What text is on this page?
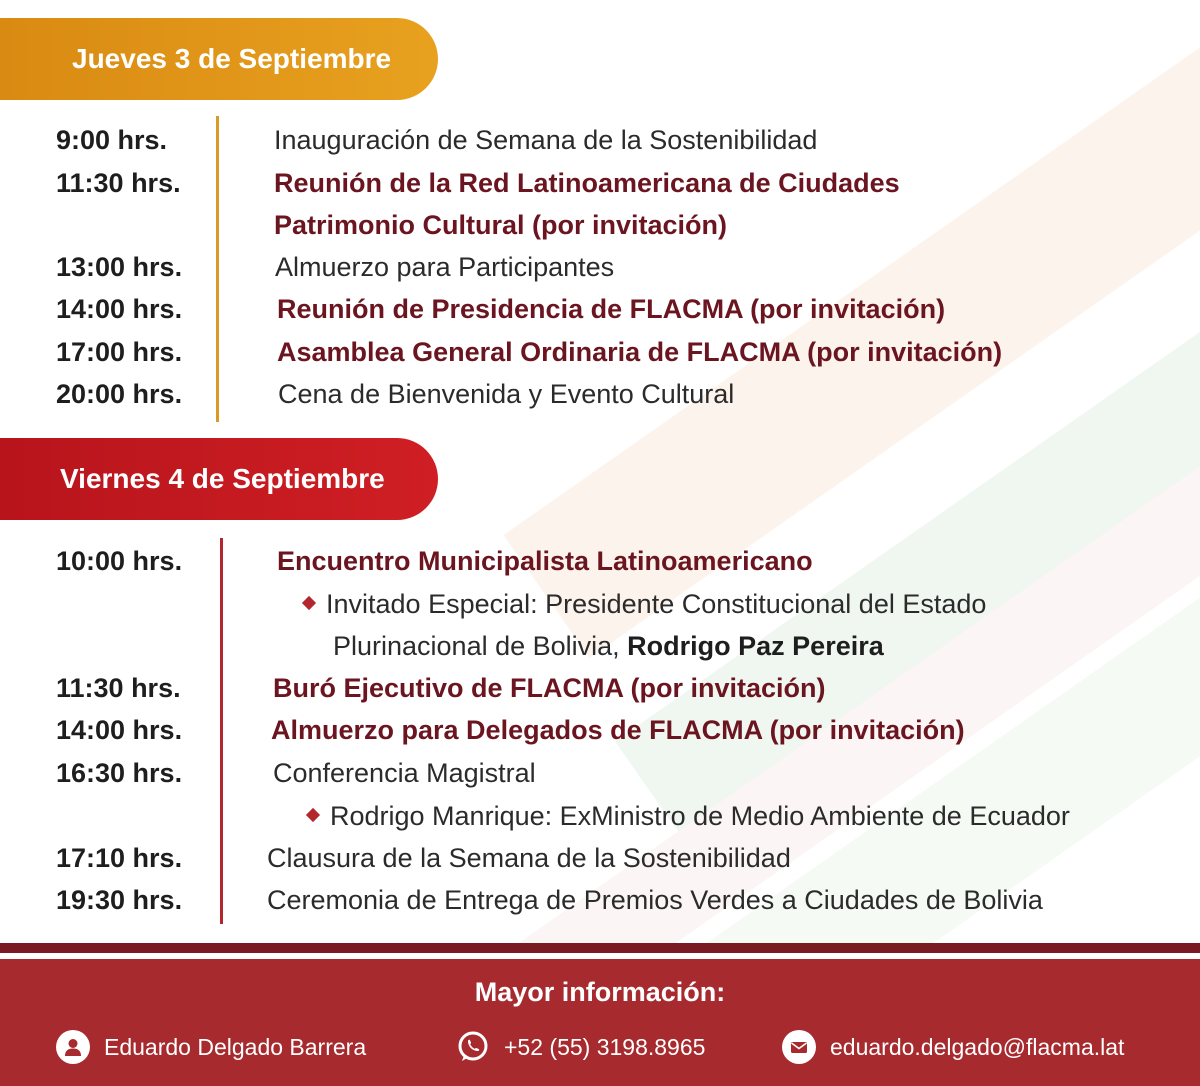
Jueves 3 de Septiembre
9:00 hrs.	Inauguración de Semana de la Sostenibilidad
11:30 hrs.	Reunión de la Red Latinoamericana de Ciudades
Patrimonio Cultural (por invitación)
13:00 hrs.	Almuerzo para Participantes
14:00 hrs.	Reunión de Presidencia de FLACMA (por invitación)
17:00 hrs.	Asamblea General Ordinaria de FLACMA (por invitación)
20:00 hrs.	Cena de Bienvenida y Evento Cultural
Viernes 4 de Septiembre
10:00 hrs.	Encuentro Municipalista Latinoamericano
Invitado Especial: Presidente Constitucional del Estado
Plurinacional de Bolivia, Rodrigo Paz Pereira
11:30 hrs.	Buró Ejecutivo de FLACMA (por invitación)
14:00 hrs.	Almuerzo para Delegados de FLACMA (por invitación)
16:30 hrs.	Conferencia Magistral
Rodrigo Manrique: ExMinistro de Medio Ambiente de Ecuador
17:10 hrs.	Clausura de la Semana de la Sostenibilidad
19:30 hrs.	Ceremonia de Entrega de Premios Verdes a Ciudades de Bolivia
Mayor información:
Eduardo Delgado Barrera	+52 (55) 3198.8965	eduardo.delgado@flacma.lat
